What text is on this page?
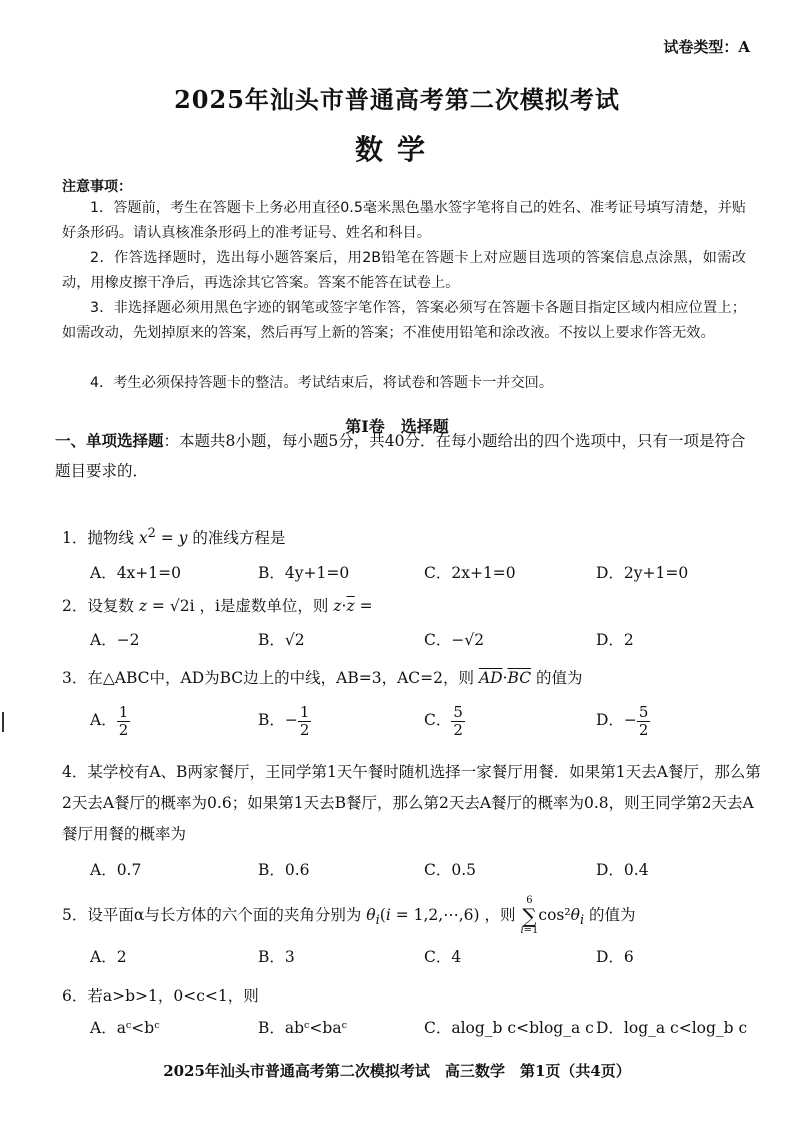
试卷类型：A
2025年汕头市普通高考第二次模拟考试
数学
注意事项：

1．答题前，考生在答题卡上务必用直径0.5毫米黑色墨水签字笔将自己的姓名、准考证号填写清楚，并贴好条形码。请认真核准条形码上的准考证号、姓名和科目。

2．作答选择题时，选出每小题答案后，用2B铅笔在答题卡上对应题目选项的答案信息点涂黑，如需改动，用橡皮擦干净后，再选涂其它答案。答案不能答在试卷上。

3．非选择题必须用黑色字迹的钢笔或签字笔作答，答案必须写在答题卡各题目指定区域内相应位置上；如需改动，先划掉原来的答案，然后再写上新的答案；不准使用铅笔和涂改液。不按以上要求作答无效。

4．考生必须保持答题卡的整洁。考试结束后，将试卷和答题卡一并交回。

第Ⅰ卷　选择题
一、单项选择题：本题共8小题，每小题5分，共40分．在每小题给出的四个选项中，只有一项是符合题目要求的．
1．抛物线 $x^2 = y$ 的准线方程是
A．4x+1=0	B．4y+1=0	C．2x+1=0	D．2y+1=0
2．设复数 z = √2i ，i是虚数单位，则 $z\cdot\overline{z}$ =
A．−2	B．√2	C．−√2	D．2
3．在△ABC中，AD为BC边上的中线，AB=3，AC=2，则 $\overline{AD}\cdot\overline{BC}$ 的值为
A． $\frac{1}{2}$	B．− $\frac{1}{2}$	C． $\frac{5}{2}$	D．− $\frac{5}{2}$
4．某学校有A、B两家餐厅，王同学第1天午餐时随机选择一家餐厅用餐．如果第1天去A餐厅，那么第2天去A餐厅的概率为0.6；如果第1天去B餐厅，那么第2天去A餐厅的概率为0.8，则王同学第2天去A餐厅用餐的概率为
A．0.7	B．0.6	C．0.5	D．0.4
5．设平面α与长方体的六个面的夹角分别为 $\theta_i(i$ = 1,2,⋯,6) ，则 6
∑
$i=1\cos^2\theta_i$ 的值为
A．2	B．3	C．4	D．6
6．若a>b>1，0<c<1，则
A．aᶜ<bᶜ	B．abᶜ<baᶜ	C．alog_b c<blog_a c D．log_a c<log_b c
2025年汕头市普通高考第二次模拟考试　高三数学　第1页（共4页）
